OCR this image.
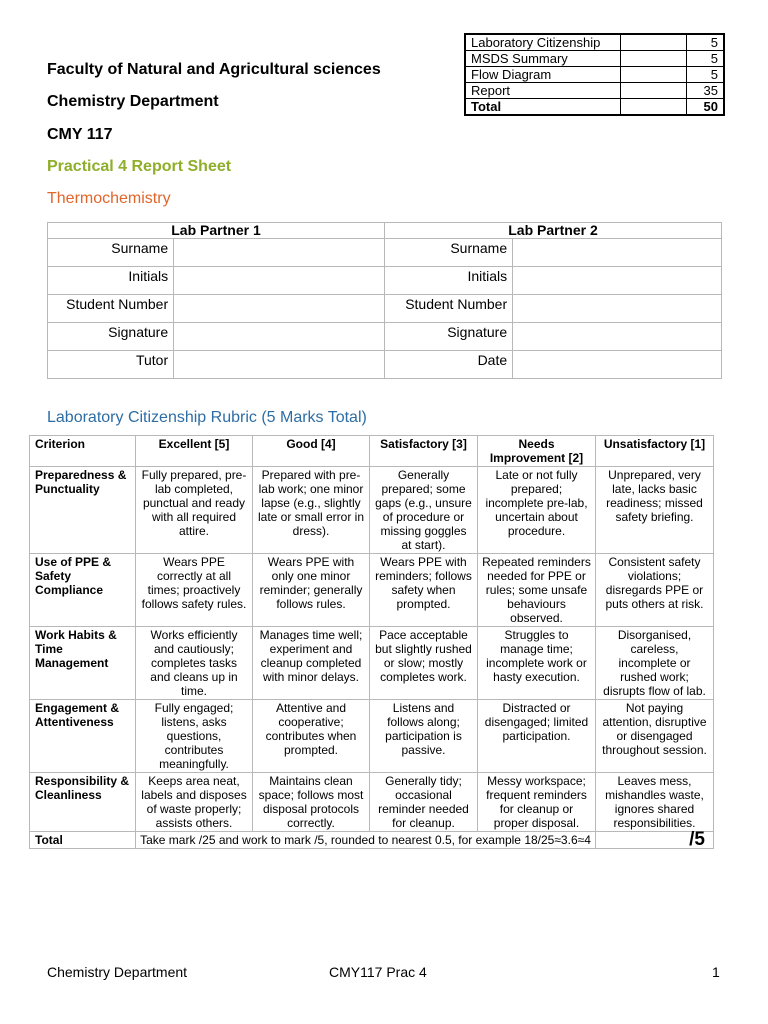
Laboratory Citizenship		5
MSDS Summary		5
Flow Diagram		5
Report		35
Total		50
Faculty of Natural and Agricultural sciences
Chemistry Department
CMY 117
Practical 4 Report Sheet
Thermochemistry
Lab Partner 1		Lab Partner 2	
Surname		Surname	
Initials		Initials	
Student Number		Student Number	
Signature		Signature	
Tutor		Date	
Laboratory Citizenship Rubric (5 Marks Total)
Criterion	Excellent [5]	Good [4]	Satisfactory [3]	Needs Improvement [2]	Unsatisfactory [1]
Preparedness & Punctuality	Fully prepared, pre-lab completed, punctual and ready with all required attire.	Prepared with pre-lab work; one minor lapse (e.g., slightly late or small error in dress).	Generally prepared; some gaps (e.g., unsure of procedure or missing goggles at start).	Late or not fully prepared; incomplete pre-lab, uncertain about procedure.	Unprepared, very late, lacks basic readiness; missed safety briefing.
Use of PPE & Safety Compliance	Wears PPE correctly at all times; proactively follows safety rules.	Wears PPE with only one minor reminder; generally follows rules.	Wears PPE with reminders; follows safety when prompted.	Repeated reminders needed for PPE or rules; some unsafe behaviours observed.	Consistent safety violations; disregards PPE or puts others at risk.
Work Habits & Time Management	Works efficiently and cautiously; completes tasks and cleans up in time.	Manages time well; experiment and cleanup completed with minor delays.	Pace acceptable but slightly rushed or slow; mostly completes work.	Struggles to manage time; incomplete work or hasty execution.	Disorganised, careless, incomplete or rushed work; disrupts flow of lab.
Engagement & Attentiveness	Fully engaged; listens, asks questions, contributes meaningfully.	Attentive and cooperative; contributes when prompted.	Listens and follows along; participation is passive.	Distracted or disengaged; limited participation.	Not paying attention, disruptive or disengaged throughout session.
Responsibility & Cleanliness	Keeps area neat, labels and disposes of waste properly; assists others.	Maintains clean space; follows most disposal protocols correctly.	Generally tidy; occasional reminder needed for cleanup.	Messy workspace; frequent reminders for cleanup or proper disposal.	Leaves mess, mishandles waste, ignores shared responsibilities.
Total	Take mark /25 and work to mark /5, rounded to nearest 0.5, for example 18/25≈3.6≈4				/5
Chemistry Department	CMY117 Prac 4	1
